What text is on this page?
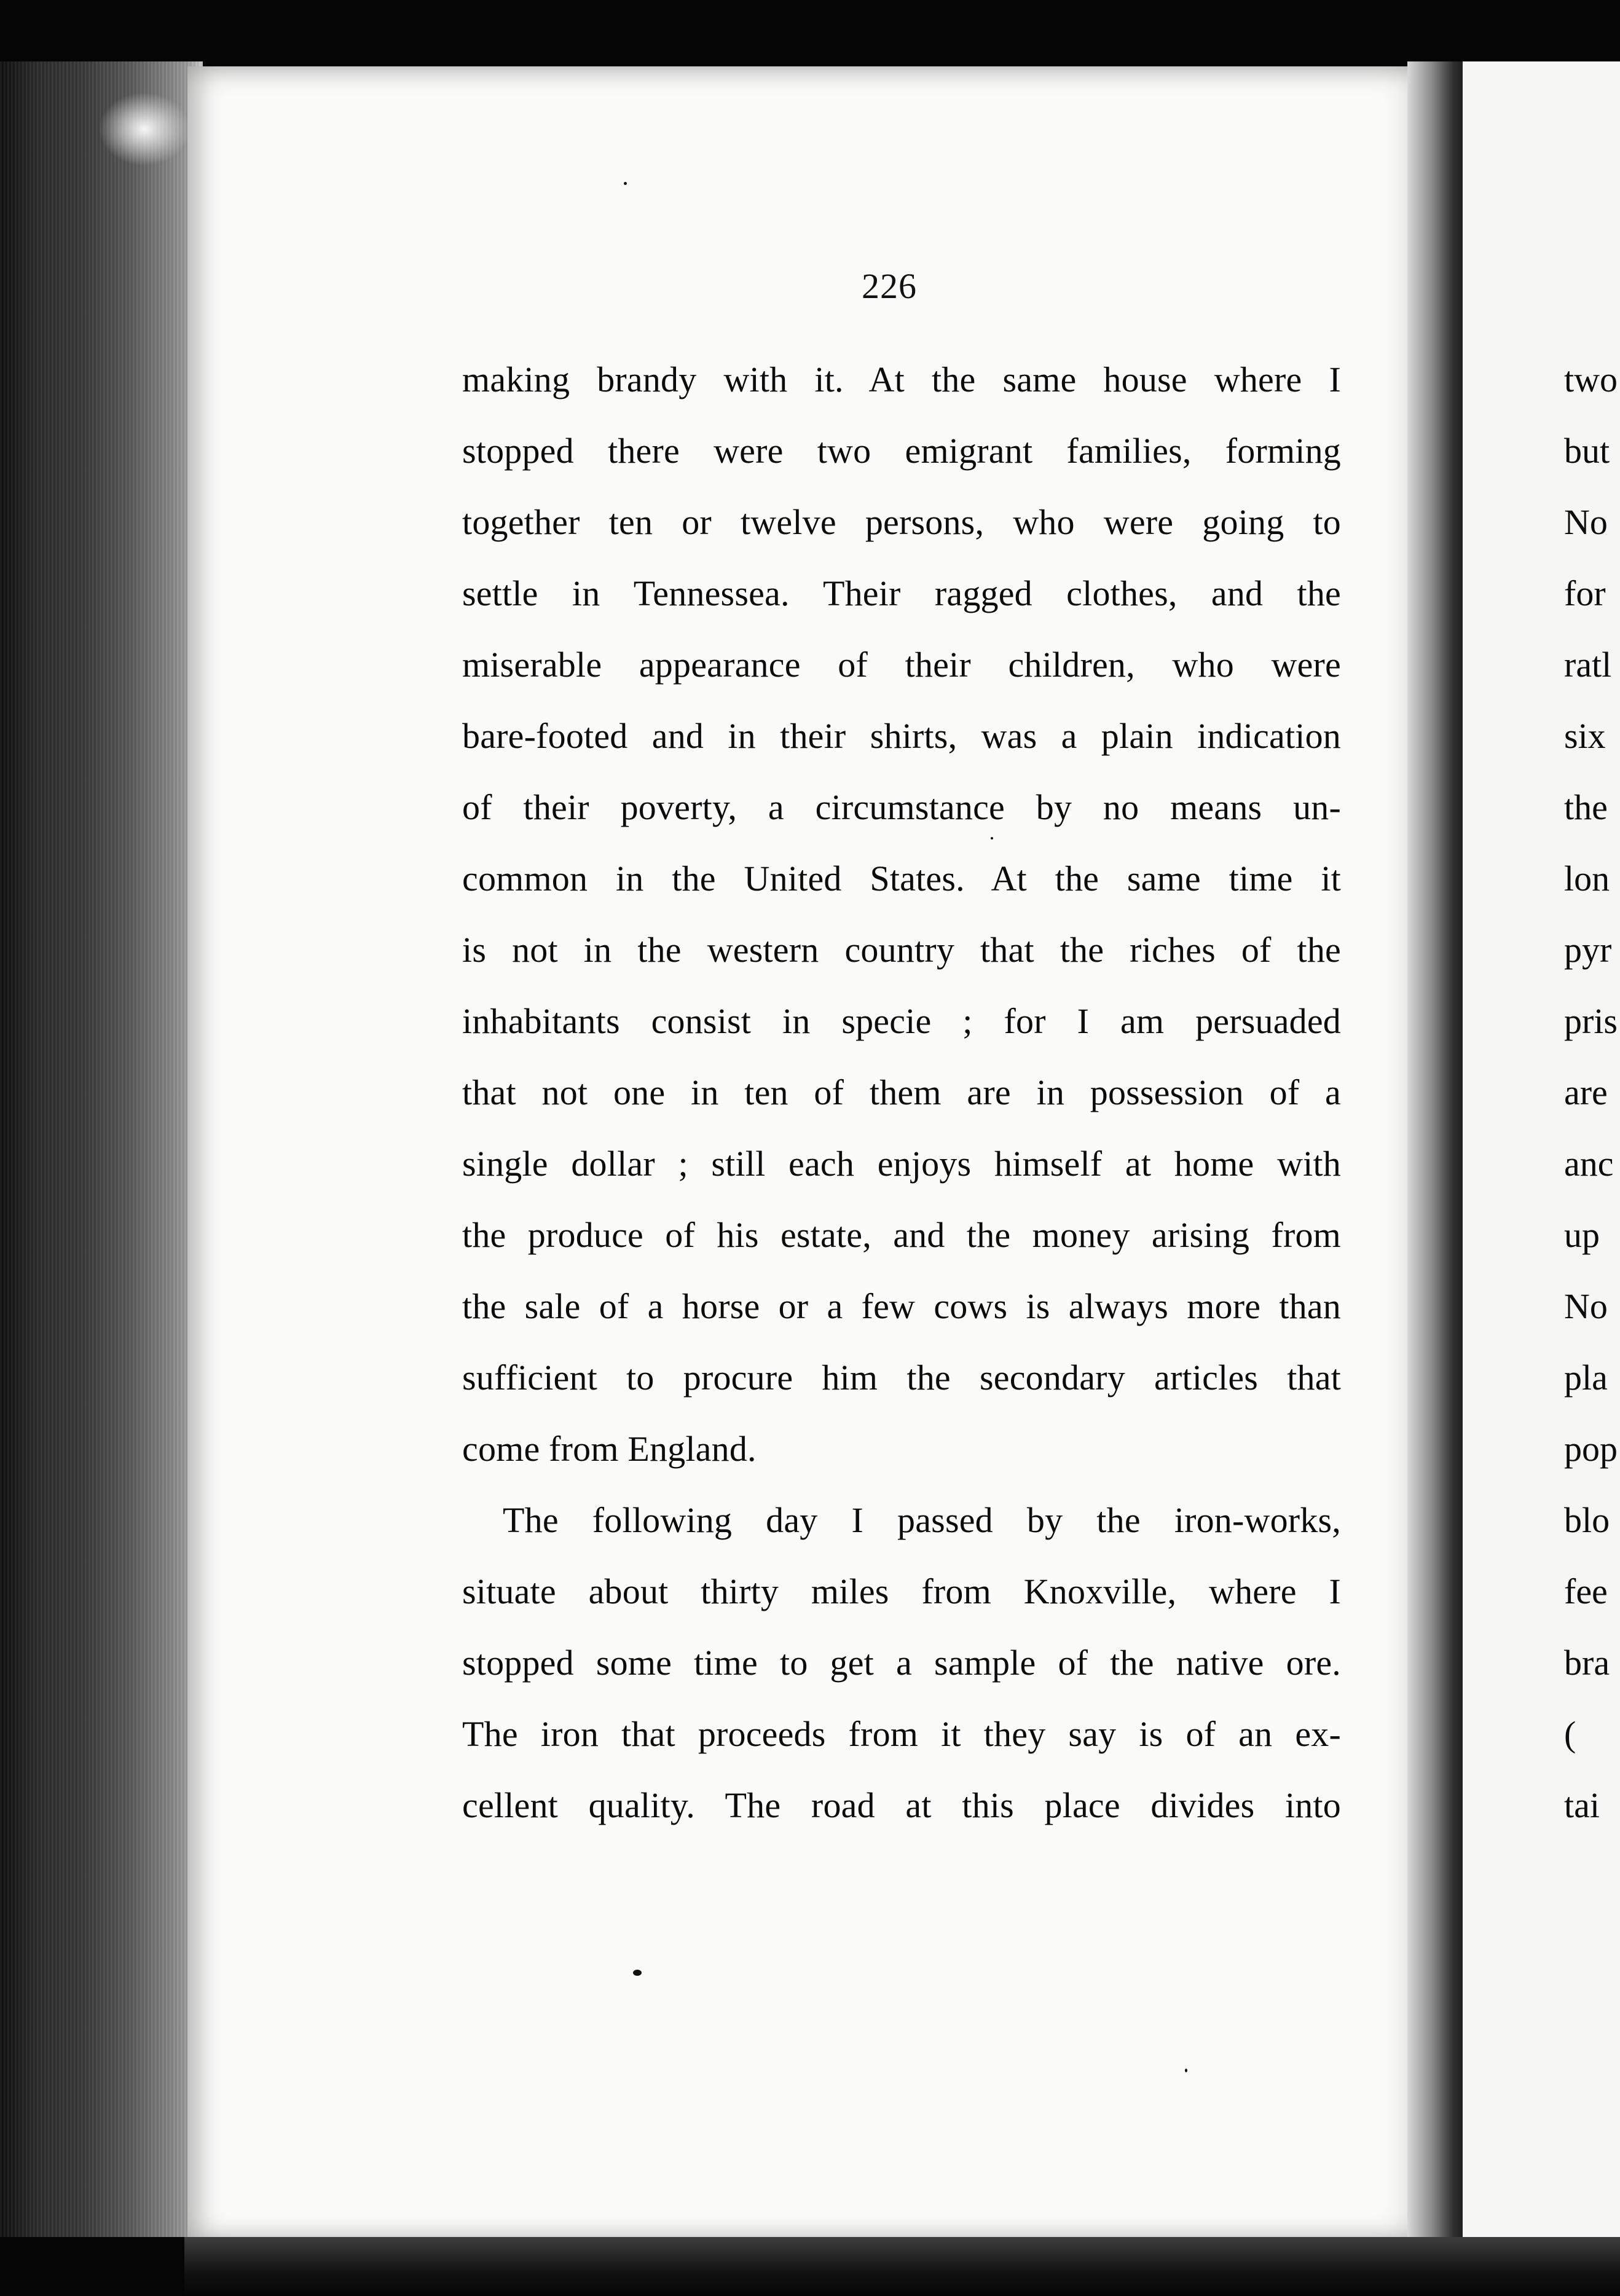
226
making brandy with it. At the same house where I
stopped there were two emigrant families, forming
together ten or twelve persons, who were going to
settle in Tennessea. Their ragged clothes, and the
miserable appearance of their children, who were
bare-footed and in their shirts, was a plain indication
of their poverty, a circumstance by no means un-
common in the United States. At the same time it
is not in the western country that the riches of the
inhabitants consist in specie ; for I am persuaded
that not one in ten of them are in possession of a
single dollar ; still each enjoys himself at home with
the produce of his estate, and the money arising from
the sale of a horse or a few cows is always more than
sufficient to procure him the secondary articles that
come from England.
The following day I passed by the iron-works,
situate about thirty miles from Knoxville, where I
stopped some time to get a sample of the native ore.
The iron that proceeds from it they say is of an ex-
cellent quality. The road at this place divides into
two
but
No
for
ratl
six
the
lon
pyr
pris
are
anc
up
No
pla
pop
blo
fee
bra
(
tai
